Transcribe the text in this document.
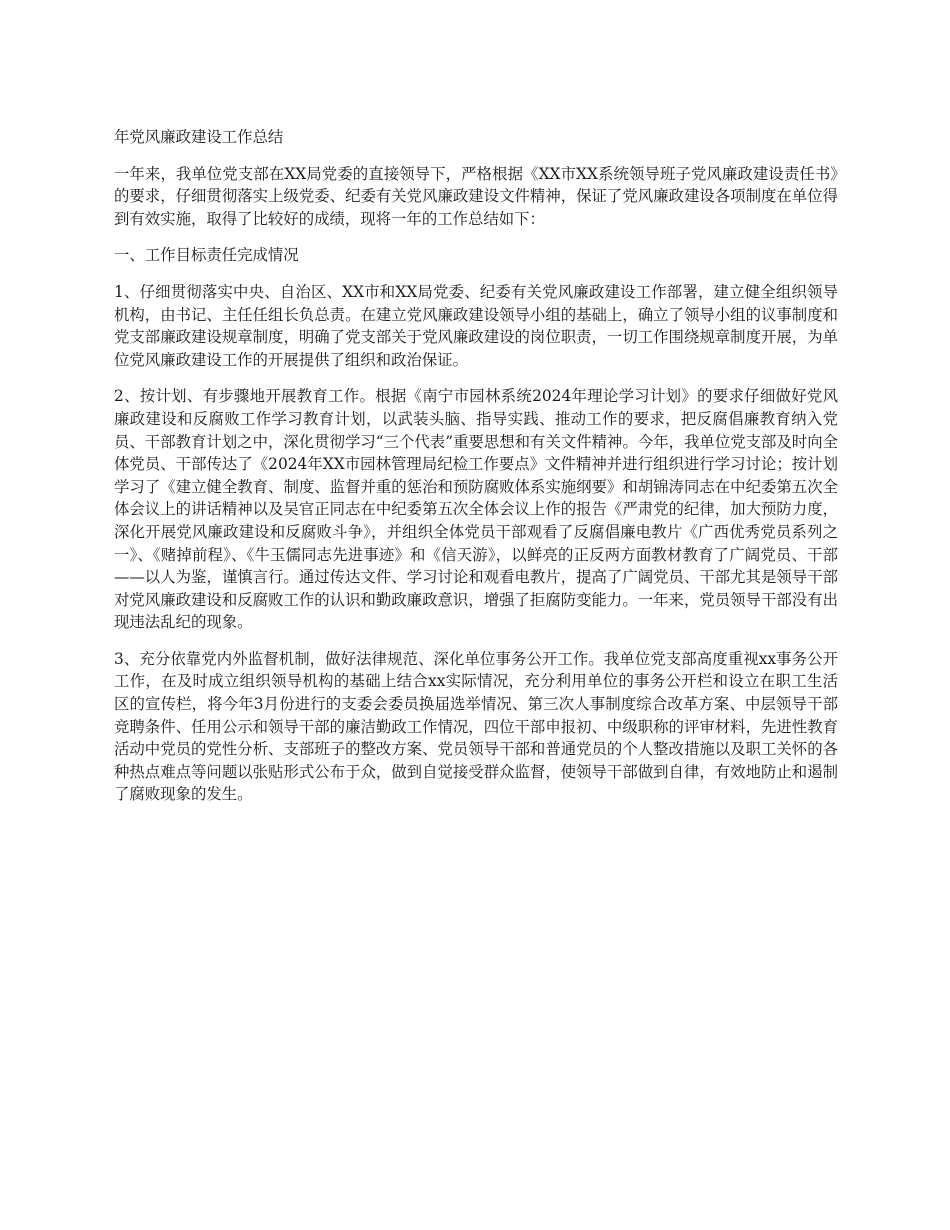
年党风廉政建设工作总结

一年来，我单位党支部在XX局党委的直接领导下，严格根据《XX市XX系统领导班子党风廉政建设责任书》的要求，仔细贯彻落实上级党委、纪委有关党风廉政建设文件精神，保证了党风廉政建设各项制度在单位得到有效实施，取得了比较好的成绩，现将一年的工作总结如下：

一、工作目标责任完成情况

1、仔细贯彻落实中央、自治区、XX市和XX局党委、纪委有关党风廉政建设工作部署，建立健全组织领导机构，由书记、主任任组长负总责。在建立党风廉政建设领导小组的基础上，确立了领导小组的议事制度和党支部廉政建设规章制度，明确了党支部关于党风廉政建设的岗位职责，一切工作围绕规章制度开展，为单位党风廉政建设工作的开展提供了组织和政治保证。

2、按计划、有步骤地开展教育工作。根据《南宁市园林系统2024年理论学习计划》的要求仔细做好党风廉政建设和反腐败工作学习教育计划，以武装头脑、指导实践、推动工作的要求，把反腐倡廉教育纳入党员、干部教育计划之中，深化贯彻学习“三个代表”重要思想和有关文件精神。今年，我单位党支部及时向全体党员、干部传达了《2024年XX市园林管理局纪检工作要点》文件精神并进行组织进行学习讨论；按计划学习了《建立健全教育、制度、监督并重的惩治和预防腐败体系实施纲要》和胡锦涛同志在中纪委第五次全体会议上的讲话精神以及吴官正同志在中纪委第五次全体会议上作的报告《严肃党的纪律，加大预防力度，深化开展党风廉政建设和反腐败斗争》，并组织全体党员干部观看了反腐倡廉电教片《广西优秀党员系列之一》、《赌掉前程》、《牛玉儒同志先进事迹》和《信天游》，以鲜亮的正反两方面教材教育了广阔党员、干部——以人为鉴，谨慎言行。通过传达文件、学习讨论和观看电教片，提高了广阔党员、干部尤其是领导干部对党风廉政建设和反腐败工作的认识和勤政廉政意识，增强了拒腐防变能力。一年来，党员领导干部没有出现违法乱纪的现象。

3、充分依靠党内外监督机制，做好法律规范、深化单位事务公开工作。我单位党支部高度重视xx事务公开工作，在及时成立组织领导机构的基础上结合xx实际情况，充分利用单位的事务公开栏和设立在职工生活区的宣传栏，将今年3月份进行的支委会委员换届选举情况、第三次人事制度综合改革方案、中层领导干部竞聘条件、任用公示和领导干部的廉洁勤政工作情况，四位干部申报初、中级职称的评审材料，先进性教育活动中党员的党性分析、支部班子的整改方案、党员领导干部和普通党员的个人整改措施以及职工关怀的各种热点难点等问题以张贴形式公布于众，做到自觉接受群众监督，使领导干部做到自律，有效地防止和遏制了腐败现象的发生。
